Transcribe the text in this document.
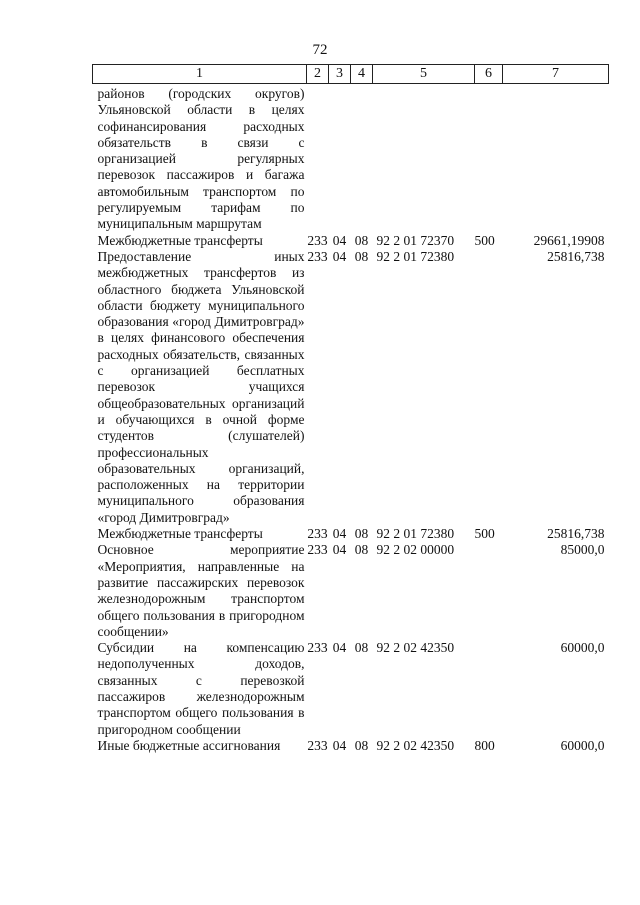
72
1	2	3	4	5	6	7
районов (городских округов) Ульяновской области в целях софинансирования расходных обязательств в связи с организацией регулярных перевозок пассажиров и багажа автомобильным транспортом по регулируемым тарифам по муниципальным маршрутам						
Межбюджетные трансферты	233	04	08	92 2 01 72370	500	29661,19908
Предоставление иных межбюджетных трансфертов из областного бюджета Ульяновской области бюджету муниципального образования «город Димитровград» в целях финансового обеспечения расходных обязательств, связанных с организацией бесплатных перевозок учащихся общеобразовательных организаций и обучающихся в очной форме студентов (слушателей) профессиональных образовательных организаций, расположенных на территории муниципального образования «город Димитровград»	233	04	08	92 2 01 72380		25816,738
Межбюджетные трансферты	233	04	08	92 2 01 72380	500	25816,738
Основное мероприятие «Мероприятия, направленные на развитие пассажирских перевозок железнодорожным транспортом общего пользования в пригородном сообщении»	233	04	08	92 2 02 00000		85000,0
Субсидии на компенсацию недополученных доходов, связанных с перевозкой пассажиров железнодорожным транспортом общего пользования в пригородном сообщении	233	04	08	92 2 02 42350		60000,0
Иные бюджетные ассигнования	233	04	08	92 2 02 42350	800	60000,0
